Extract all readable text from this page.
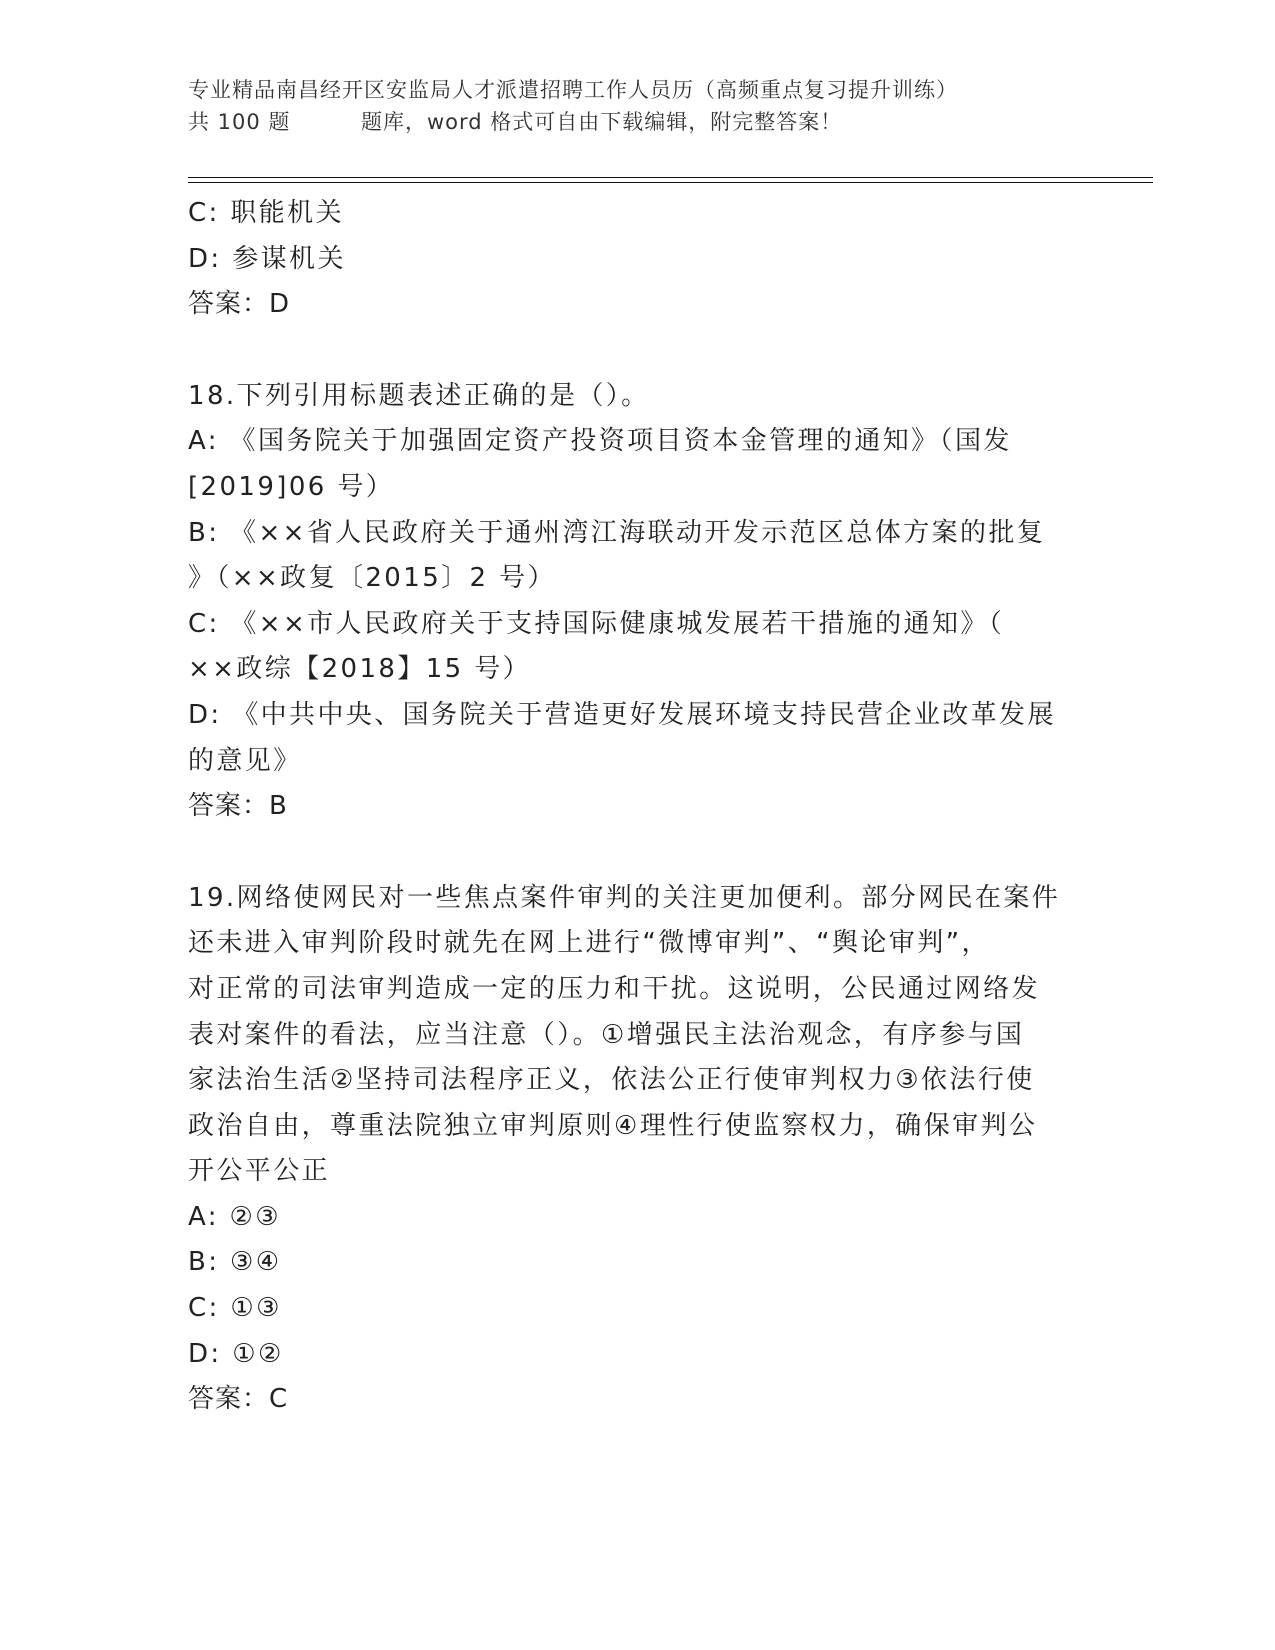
专业精品南昌经开区安监局人才派遣招聘工作人员历（高频重点复习提升训练）
共 100 题	题库，word 格式可自由下载编辑，附完整答案！
C: 职能机关
D: 参谋机关
答案：D
18.下列引用标题表述正确的是（）。
A: 《国务院关于加强固定资产投资项目资本金管理的通知》（国发
[2019]06 号）
B: 《××省人民政府关于通州湾江海联动开发示范区总体方案的批复
》（××政复〔2015〕2 号）
C: 《××市人民政府关于支持国际健康城发展若干措施的通知》（
××政综【2018】15 号）
D: 《中共中央、国务院关于营造更好发展环境支持民营企业改革发展
的意见》
答案：B
19.网络使网民对一些焦点案件审判的关注更加便利。部分网民在案件
还未进入审判阶段时就先在网上进行“微博审判”、“舆论审判”，
对正常的司法审判造成一定的压力和干扰。这说明，公民通过网络发
表对案件的看法，应当注意（）。①增强民主法治观念，有序参与国
家法治生活②坚持司法程序正义，依法公正行使审判权力③依法行使
政治自由，尊重法院独立审判原则④理性行使监察权力，确保审判公
开公平公正
A: ②③
B: ③④
C: ①③
D: ①②
答案：C
